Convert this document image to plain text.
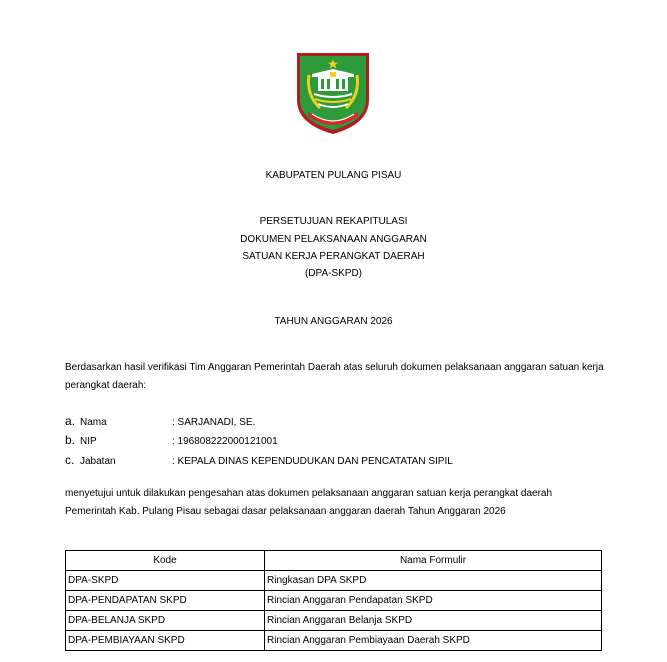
KABUPATEN PULANG PISAU
PERSETUJUAN REKAPITULASI
DOKUMEN PELAKSANAAN ANGGARAN
SATUAN KERJA PERANGKAT DAERAH
(DPA-SKPD)
TAHUN ANGGARAN 2026
Berdasarkan hasil verifikasi Tim Anggaran Pemerintah Daerah atas seluruh dokumen pelaksanaan anggaran satuan kerja perangkat daerah:
a. Nama	: SARJANADI, SE.
b. NIP	: 196808222000121001
c. Jabatan	: KEPALA DINAS KEPENDUDUKAN DAN PENCATATAN SIPIL
menyetujui untuk dilakukan pengesahan atas dokumen pelaksanaan anggaran satuan kerja perangkat daerah Pemerintah Kab. Pulang Pisau sebagai dasar pelaksanaan anggaran daerah Tahun Anggaran 2026
Kode	Nama Formulir
DPA-SKPD	Ringkasan DPA SKPD
DPA-PENDAPATAN SKPD	Rincian Anggaran Pendapatan SKPD
DPA-BELANJA SKPD	Rincian Anggaran Belanja SKPD
DPA-PEMBIAYAAN SKPD	Rincian Anggaran Pembiayaan Daerah SKPD
